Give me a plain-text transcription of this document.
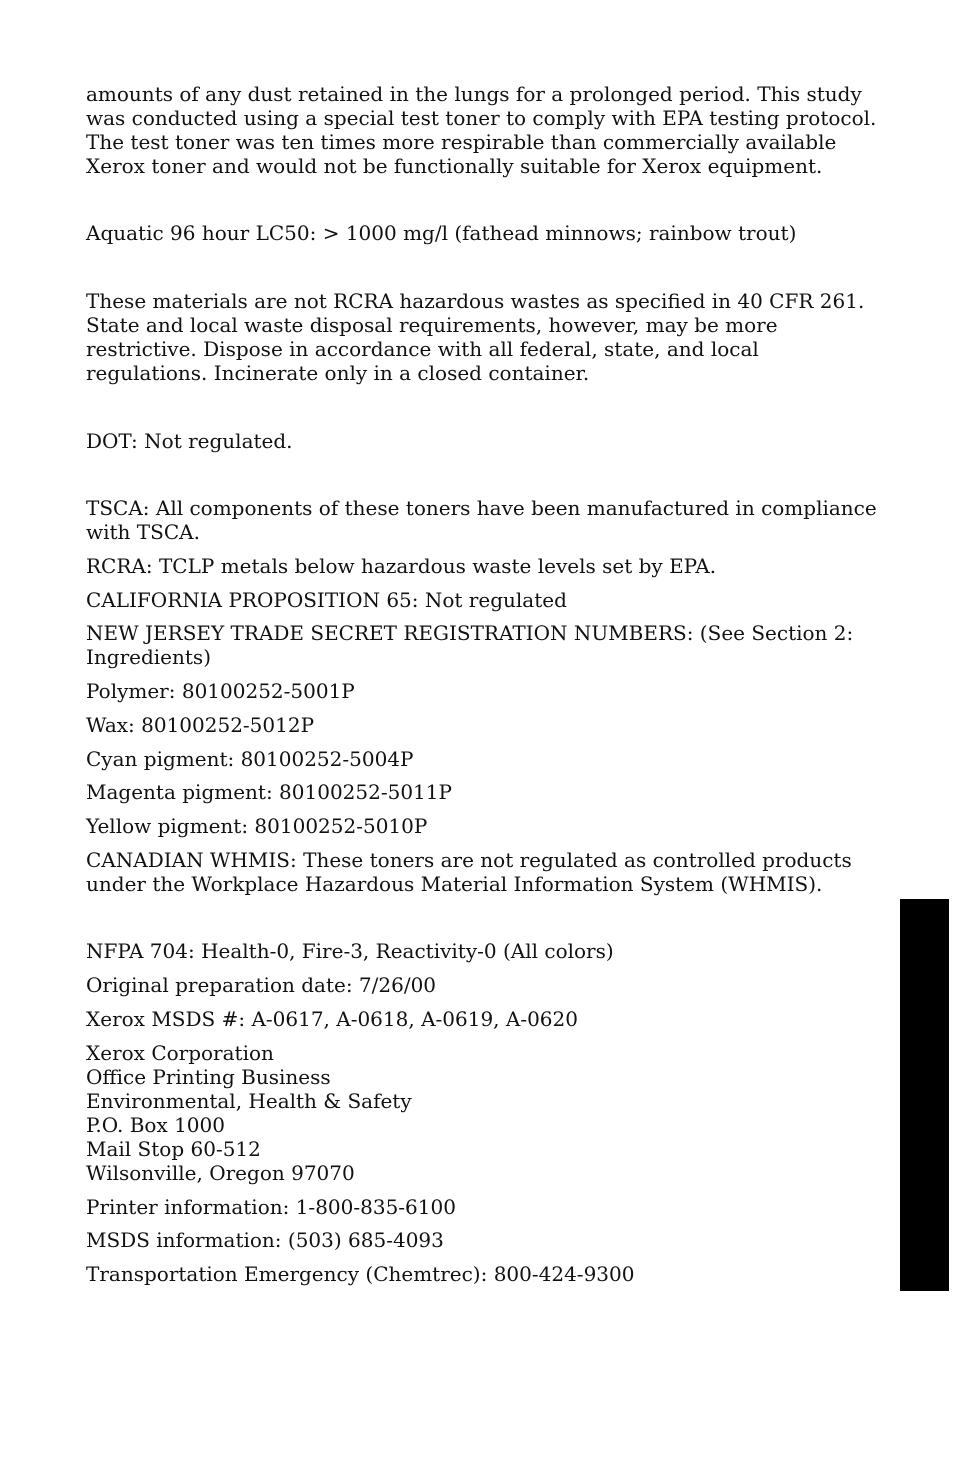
amounts of any dust retained in the lungs for a prolonged period. This study was conducted using a special test toner to comply with EPA testing protocol. The test toner was ten times more respirable than commercially available Xerox toner and would not be functionally suitable for Xerox equipment.

Aquatic 96 hour LC50: > 1000 mg/l (fathead minnows; rainbow trout)

These materials are not RCRA hazardous wastes as specified in 40 CFR 261. State and local waste disposal requirements, however, may be more restrictive. Dispose in accordance with all federal, state, and local regulations. Incinerate only in a closed container.

DOT: Not regulated.

TSCA: All components of these toners have been manufactured in compliance with TSCA.

RCRA: TCLP metals below hazardous waste levels set by EPA.

CALIFORNIA PROPOSITION 65: Not regulated

NEW JERSEY TRADE SECRET REGISTRATION NUMBERS: (See Section 2: Ingredients)

Polymer: 80100252-5001P

Wax: 80100252-5012P

Cyan pigment: 80100252-5004P

Magenta pigment: 80100252-5011P

Yellow pigment: 80100252-5010P

CANADIAN WHMIS: These toners are not regulated as controlled products under the Workplace Hazardous Material Information System (WHMIS).

NFPA 704: Health-0, Fire-3, Reactivity-0 (All colors)

Original preparation date: 7/26/00

Xerox MSDS #: A-0617, A-0618, A-0619, A-0620

Xerox Corporation
Office Printing Business
Environmental, Health & Safety
P.O. Box 1000
Mail Stop 60-512
Wilsonville, Oregon 97070

Printer information: 1-800-835-6100

MSDS information: (503) 685-4093

Transportation Emergency (Chemtrec): 800-424-9300
